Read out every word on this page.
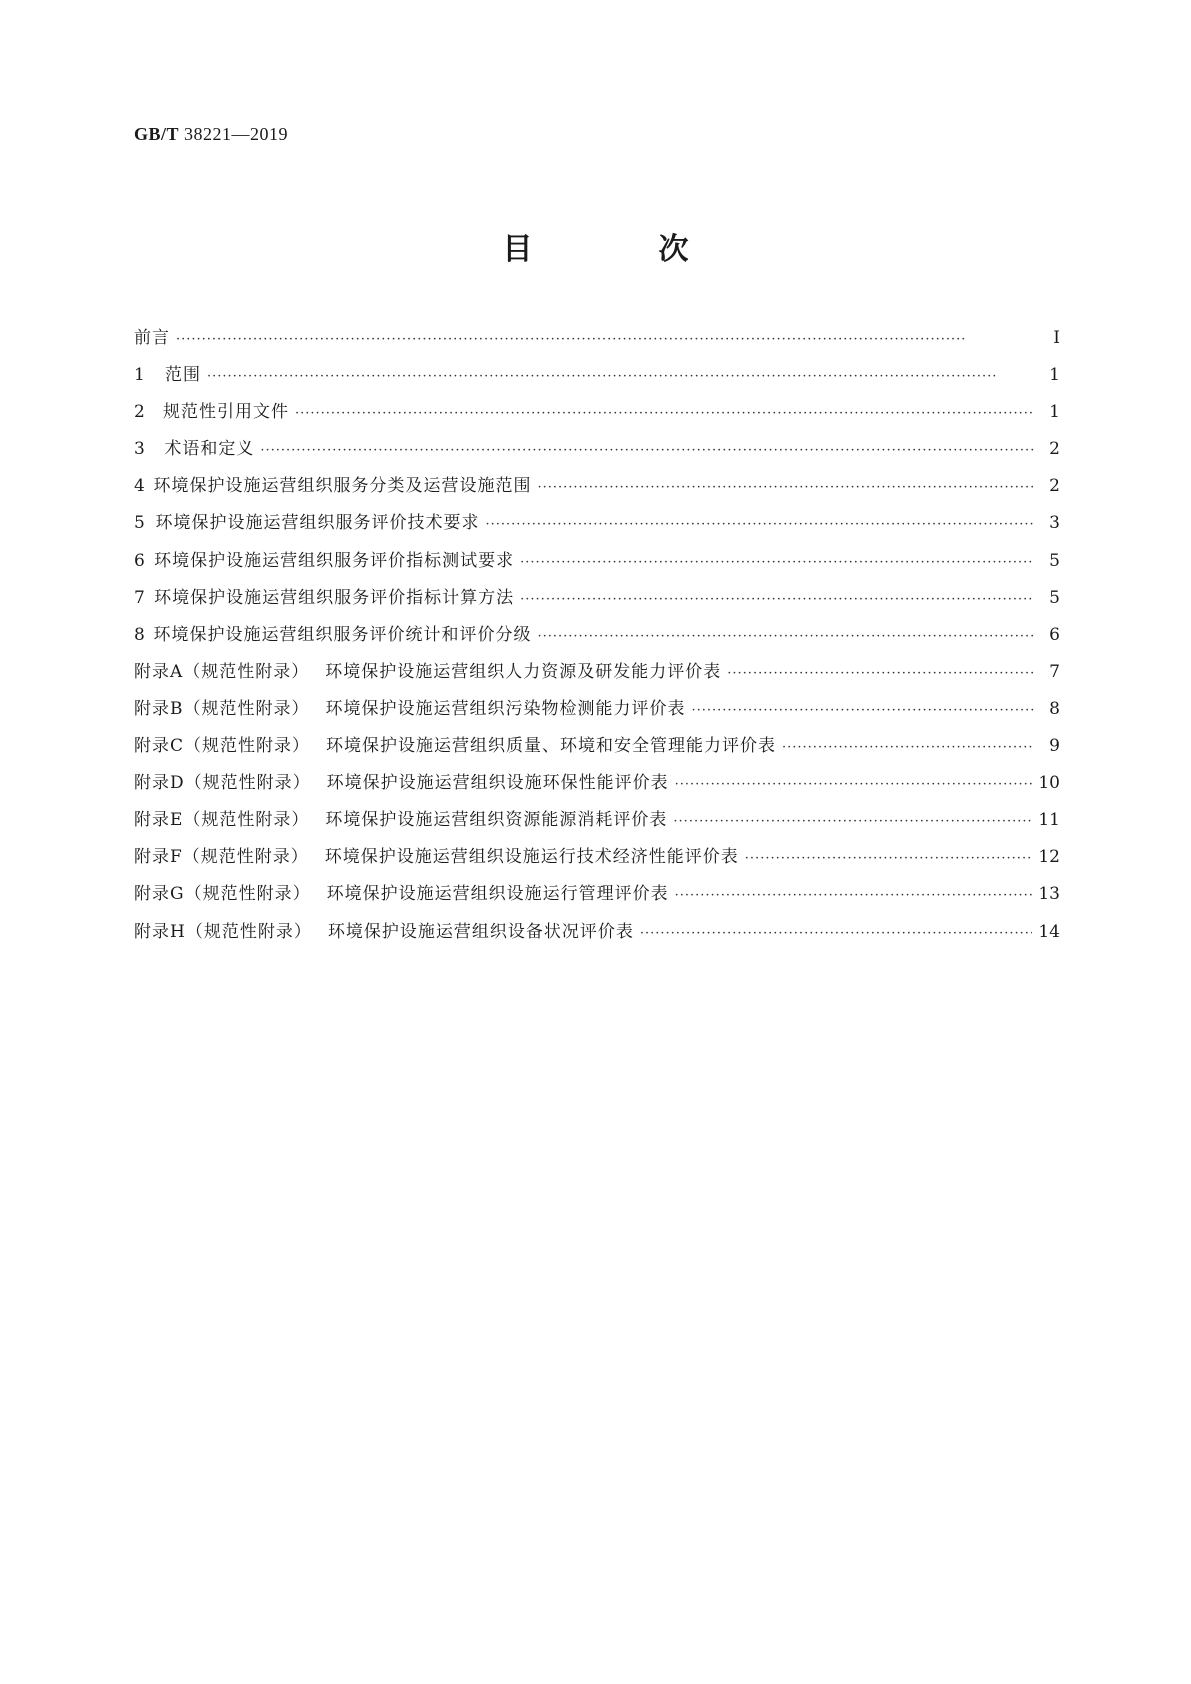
GB/T 38221—2019
目　次
前言 ·····	Ⅰ
1	范围 ·····	1
2	规范性引用文件 ·····	1
3	术语和定义 ·····	2
4 环境保护设施运营组织服务分类及运营设施范围 ·····	2
5 环境保护设施运营组织服务评价技术要求 ·····	3
6 环境保护设施运营组织服务评价指标测试要求 ·····	5
7 环境保护设施运营组织服务评价指标计算方法 ·····	5
8 环境保护设施运营组织服务评价统计和评价分级 ·····	6
附录A（规范性附录） 环境保护设施运营组织人力资源及研发能力评价表 ·····	7
附录B（规范性附录） 环境保护设施运营组织污染物检测能力评价表 ·····	8
附录C（规范性附录） 环境保护设施运营组织质量、环境和安全管理能力评价表 ·····	9
附录D（规范性附录） 环境保护设施运营组织设施环保性能评价表 ·····	10
附录E（规范性附录） 环境保护设施运营组织资源能源消耗评价表 ·····	11
附录F（规范性附录） 环境保护设施运营组织设施运行技术经济性能评价表 ·····	12
附录G（规范性附录） 环境保护设施运营组织设施运行管理评价表 ·····	13
附录H（规范性附录） 环境保护设施运营组织设备状况评价表 ·····	14
